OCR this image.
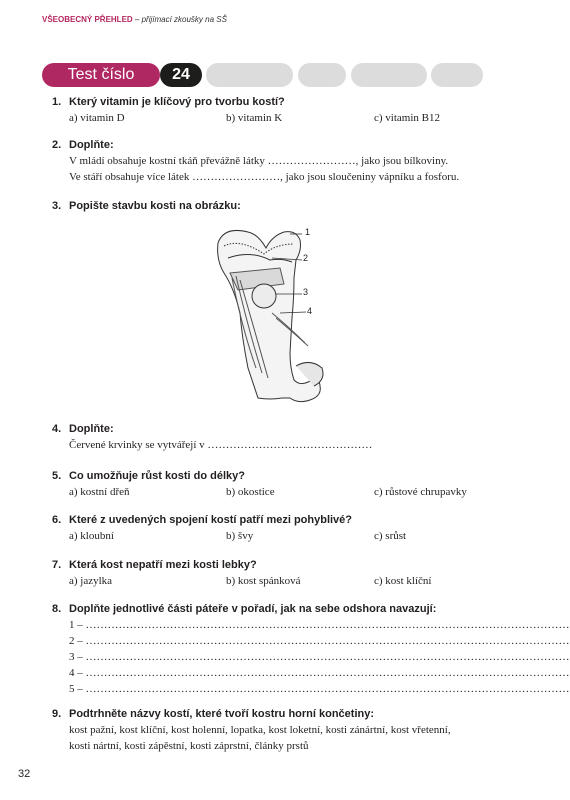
VŠEOBECNÝ PŘEHLED – přijímací zkoušky na SŠ
Test číslo	24
1. Který vitamin je klíčový pro tvorbu kostí?
a) vitamin D	b) vitamin K	c) vitamin B12
2. Doplňte:
V mládí obsahuje kostní tkáň převážně látky ……………………, jako jsou bílkoviny.
Ve stáří obsahuje více látek ……………………, jako jsou sloučeniny vápníku a fosforu.
3. Popište stavbu kosti na obrázku:
1
2
3
4
4. Doplňte:
Červené krvinky se vytvářejí v ………………………………………
5. Co umožňuje růst kosti do délky?
a) kostní dřeň	b) okostice	c) růstové chrupavky
6. Které z uvedených spojení kostí patří mezi pohyblivé?
a) kloubní	b) švy	c) srůst
7. Která kost nepatří mezi kosti lebky?
a) jazylka	b) kost spánková	c) kost klíční
8. Doplňte jednotlivé části páteře v pořadí, jak na sebe odshora navazují:
1 – ……………………………………………………………………………………………………………………
2 – ……………………………………………………………………………………………………………………
3 – ……………………………………………………………………………………………………………………
4 – ……………………………………………………………………………………………………………………
5 – ……………………………………………………………………………………………………………………
9. Podtrhněte názvy kostí, které tvoří kostru horní končetiny:
kost pažní, kost klíční, kost holenní, lopatka, kost loketní, kosti zánártní, kost vřetenní,
kosti nártní, kosti zápěstní, kosti záprstní, články prstů
32
